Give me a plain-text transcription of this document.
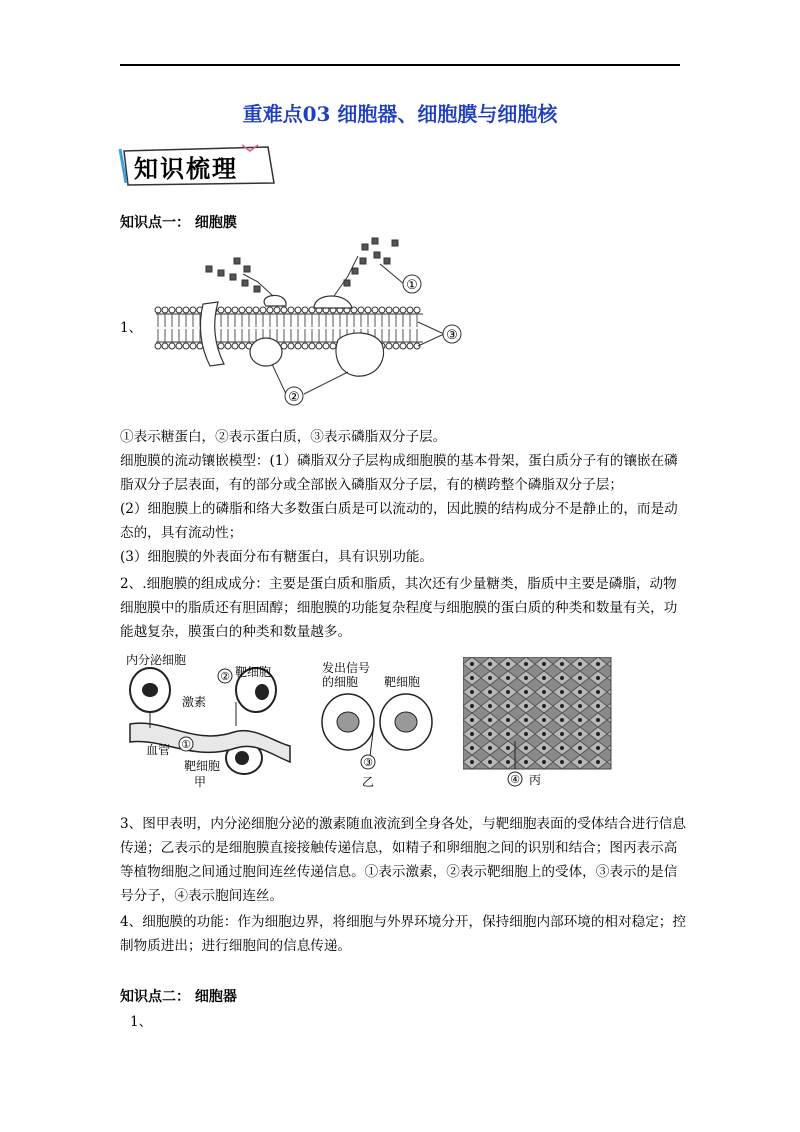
重难点03 细胞器、细胞膜与细胞核
知识梳理
知识点一： 细胞膜
1、
①
③
②
①表示糖蛋白，②表示蛋白质，③表示磷脂双分子层。
细胞膜的流动镶嵌模型：(1）磷脂双分子层构成细胞膜的基本骨架，蛋白质分子有的镶嵌在磷脂双分子层表面，有的部分或全部嵌入磷脂双分子层，有的横跨整个磷脂双分子层；
(2）细胞膜上的磷脂和络大多数蛋白质是可以流动的，因此膜的结构成分不是静止的，而是动态的，具有流动性；
(3）细胞膜的外表面分布有糖蛋白，具有识别功能。
2、.细胞膜的组成成分：主要是蛋白质和脂质，其次还有少量糖类，脂质中主要是磷脂，动物细胞膜中的脂质还有胆固醇；细胞膜的功能复杂程度与细胞膜的蛋白质的种类和数量有关，功能越复杂，膜蛋白的种类和数量越多。
内分泌细胞
② 靶细胞
激素
血管 ①
靶细胞
甲
发出信号
的细胞 靶细胞
③
乙	④ 丙
3、图甲表明，内分泌细胞分泌的激素随血液流到全身各处，与靶细胞表面的受体结合进行信息传递；乙表示的是细胞膜直接接触传递信息，如精子和卵细胞之间的识别和结合；图丙表示高等植物细胞之间通过胞间连丝传递信息。①表示激素，②表示靶细胞上的受体，③表示的是信号分子，④表示胞间连丝。
4、细胞膜的功能：作为细胞边界，将细胞与外界环境分开，保持细胞内部环境的相对稳定；控制物质进出；进行细胞间的信息传递。
知识点二： 细胞器
1、
